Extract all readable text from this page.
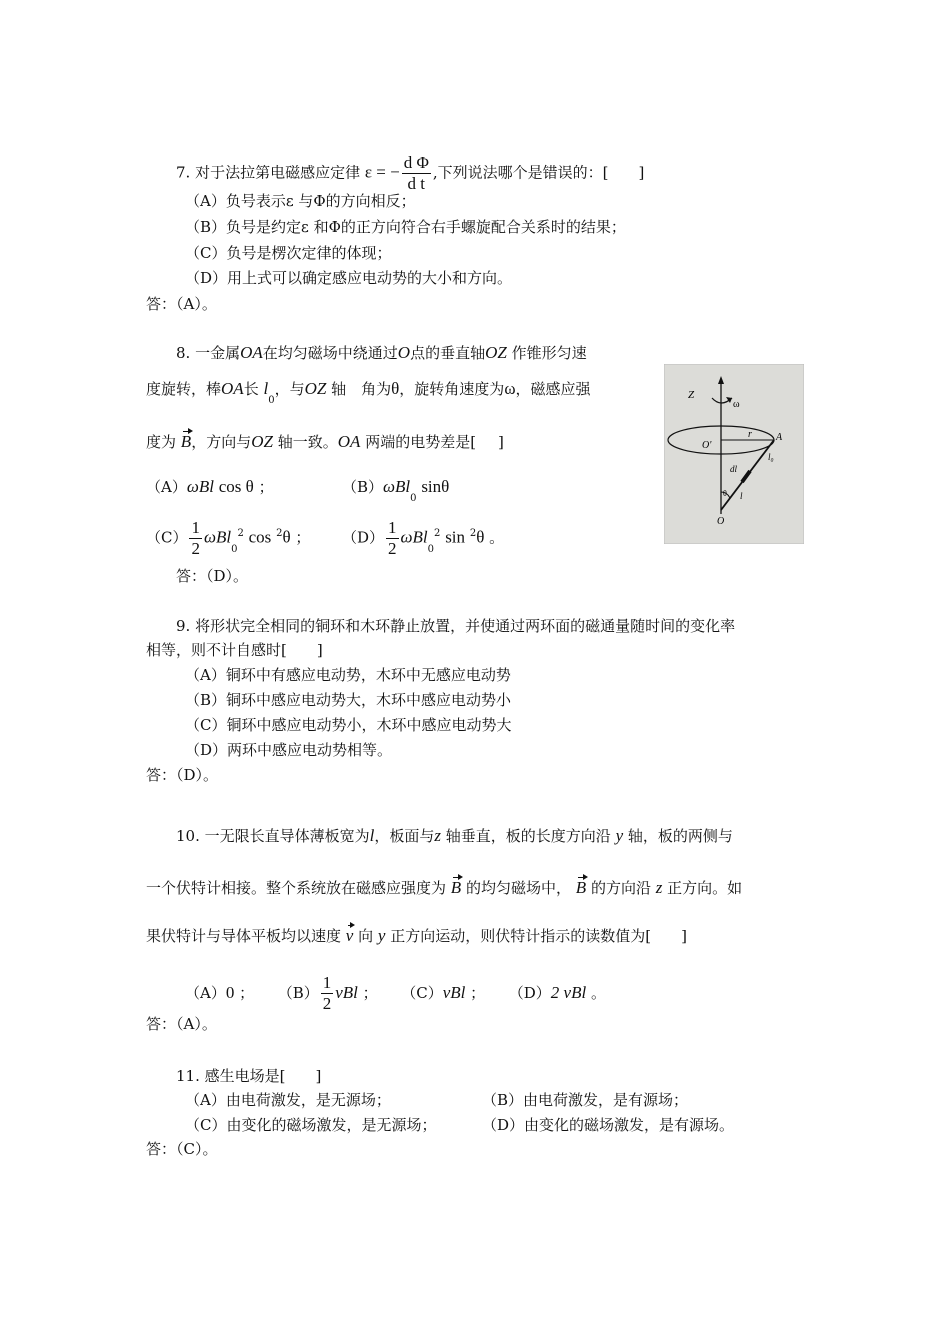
7. 对于法拉第电磁感应定律 ε = − $\frac{\text{d Φ}}{\text{d t}}$ ,下列说法哪个是错误的：[ ]
（A）负号表示ε 与Φ的方向相反；
（B）负号是约定ε 和Φ的正方向符合右手螺旋配合关系时的结果；
（C）负号是楞次定律的体现；
（D）用上式可以确定感应电动势的大小和方向。
答：（A）。
8. 一金属OA在均匀磁场中绕通过O点的垂直轴OZ 作锥形匀速
度旋转，棒OA长 $l_0$，与OZ 轴　角为θ，旋转角速度为ω，磁感应强
度为 B，方向与OZ 轴一致。OA 两端的电势差是[ ]
（A）ωBl cos θ ；	（B）ωBl$_0$ sinθ
$(C) \frac{1}{2} \omega Bl_0^2$ cos $^2$θ ； $(D) \frac{1}{2} \omega Bl_0^2$ sin $^2$θ 。
答：（D）。
Z
ω
O'
r A
l₀
dl
θ l
O
9. 将形状完全相同的铜环和木环静止放置，并使通过两环面的磁通量随时间的变化率
相等，则不计自感时[ ]
（A）铜环中有感应电动势，木环中无感应电动势
（B）铜环中感应电动势大，木环中感应电动势小
（C）铜环中感应电动势小，木环中感应电动势大
（D）两环中感应电动势相等。
答：（D）。
10. 一无限长直导体薄板宽为l，板面与z 轴垂直，板的长度方向沿 y 轴，板的两侧与
一个伏特计相接。整个系统放在磁感应强度为 B 的均匀磁场中， B 的方向沿 z 正方向。如
果伏特计与导体平板均以速度 v 向 y 正方向运动，则伏特计指示的读数值为[ ]
（A）0 ； $(B) \frac{1}{2}$ vBl ； （C）vBl ； （D）2 vBl 。
答：（A）。
11. 感生电场是[ ]
（A）由电荷激发，是无源场；	（B）由电荷激发，是有源场；
（C）由变化的磁场激发，是无源场；	（D）由变化的磁场激发，是有源场。
答：（C）。
